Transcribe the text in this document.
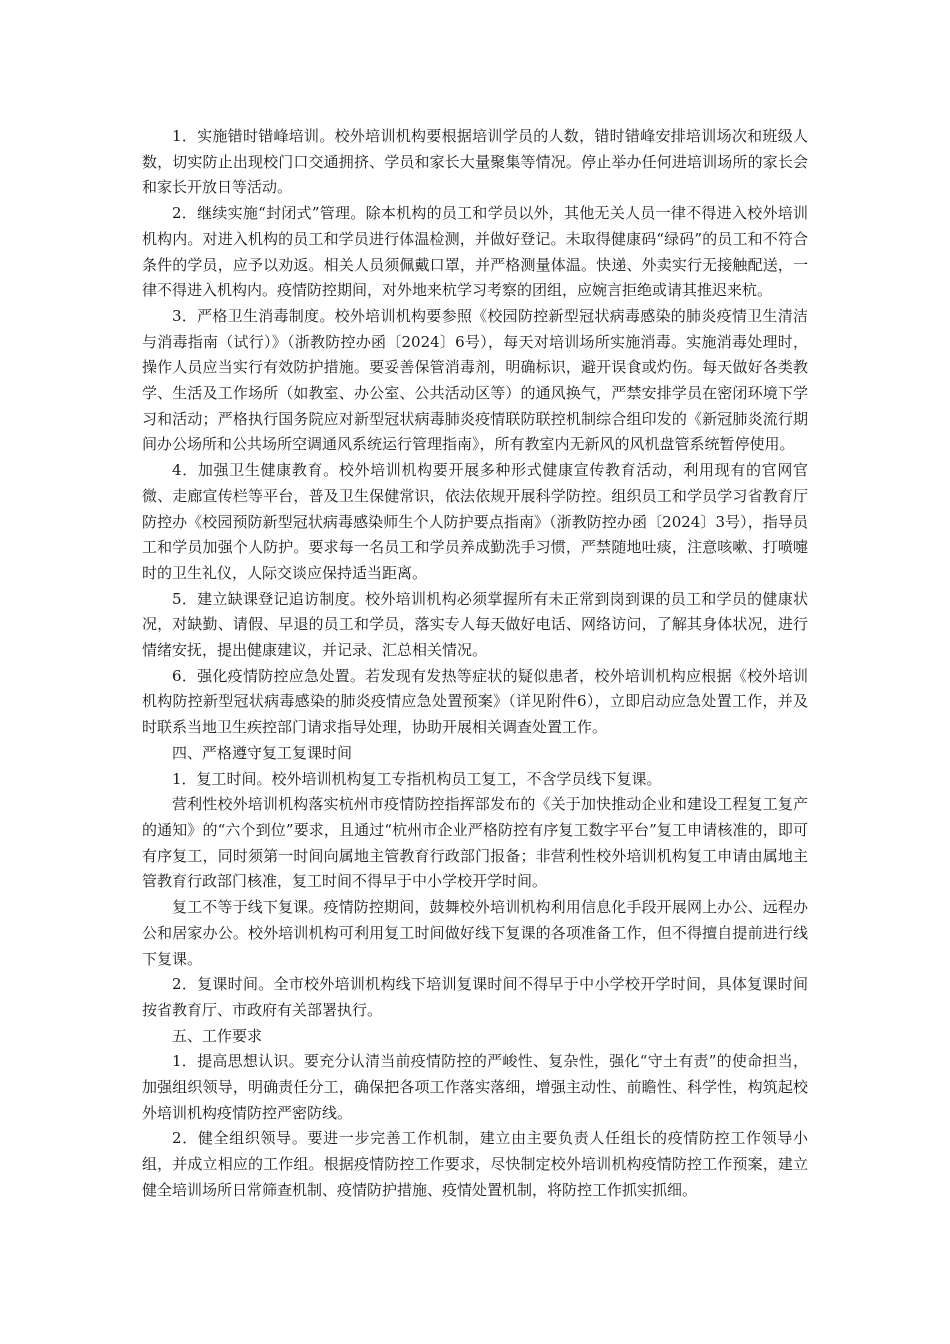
1．实施错时错峰培训。校外培训机构要根据培训学员的人数，错时错峰安排培训场次和班级人数，切实防止出现校门口交通拥挤、学员和家长大量聚集等情况。停止举办任何进培训场所的家长会和家长开放日等活动。

2．继续实施“封闭式”管理。除本机构的员工和学员以外，其他无关人员一律不得进入校外培训机构内。对进入机构的员工和学员进行体温检测，并做好登记。未取得健康码“绿码”的员工和不符合条件的学员，应予以劝返。相关人员须佩戴口罩，并严格测量体温。快递、外卖实行无接触配送，一律不得进入机构内。疫情防控期间，对外地来杭学习考察的团组，应婉言拒绝或请其推迟来杭。

3．严格卫生消毒制度。校外培训机构要参照《校园防控新型冠状病毒感染的肺炎疫情卫生清洁与消毒指南（试行）》（浙教防控办函〔2024〕6号），每天对培训场所实施消毒。实施消毒处理时，操作人员应当实行有效防护措施。要妥善保管消毒剂，明确标识，避开误食或灼伤。每天做好各类教学、生活及工作场所（如教室、办公室、公共活动区等）的通风换气，严禁安排学员在密闭环境下学习和活动；严格执行国务院应对新型冠状病毒肺炎疫情联防联控机制综合组印发的《新冠肺炎流行期间办公场所和公共场所空调通风系统运行管理指南》，所有教室内无新风的风机盘管系统暂停使用。

4．加强卫生健康教育。校外培训机构要开展多种形式健康宣传教育活动，利用现有的官网官微、走廊宣传栏等平台，普及卫生保健常识，依法依规开展科学防控。组织员工和学员学习省教育厅防控办《校园预防新型冠状病毒感染师生个人防护要点指南》（浙教防控办函〔2024〕3号），指导员工和学员加强个人防护。要求每一名员工和学员养成勤洗手习惯，严禁随地吐痰，注意咳嗽、打喷嚏时的卫生礼仪，人际交谈应保持适当距离。

5．建立缺课登记追访制度。校外培训机构必须掌握所有未正常到岗到课的员工和学员的健康状况，对缺勤、请假、早退的员工和学员，落实专人每天做好电话、网络访问，了解其身体状况，进行情绪安抚，提出健康建议，并记录、汇总相关情况。

6．强化疫情防控应急处置。若发现有发热等症状的疑似患者，校外培训机构应根据《校外培训机构防控新型冠状病毒感染的肺炎疫情应急处置预案》（详见附件6），立即启动应急处置工作，并及时联系当地卫生疾控部门请求指导处理，协助开展相关调查处置工作。

四、严格遵守复工复课时间

1．复工时间。校外培训机构复工专指机构员工复工，不含学员线下复课。

营利性校外培训机构落实杭州市疫情防控指挥部发布的《关于加快推动企业和建设工程复工复产的通知》的“六个到位”要求，且通过“杭州市企业严格防控有序复工数字平台”复工申请核准的，即可有序复工，同时须第一时间向属地主管教育行政部门报备；非营利性校外培训机构复工申请由属地主管教育行政部门核准，复工时间不得早于中小学校开学时间。

复工不等于线下复课。疫情防控期间，鼓舞校外培训机构利用信息化手段开展网上办公、远程办公和居家办公。校外培训机构可利用复工时间做好线下复课的各项准备工作，但不得擅自提前进行线下复课。

2．复课时间。全市校外培训机构线下培训复课时间不得早于中小学校开学时间，具体复课时间按省教育厅、市政府有关部署执行。

五、工作要求

1．提高思想认识。要充分认清当前疫情防控的严峻性、复杂性，强化“守土有责”的使命担当，加强组织领导，明确责任分工，确保把各项工作落实落细，增强主动性、前瞻性、科学性，构筑起校外培训机构疫情防控严密防线。

2．健全组织领导。要进一步完善工作机制，建立由主要负责人任组长的疫情防控工作领导小组，并成立相应的工作组。根据疫情防控工作要求，尽快制定校外培训机构疫情防控工作预案，建立健全培训场所日常筛查机制、疫情防护措施、疫情处置机制，将防控工作抓实抓细。
